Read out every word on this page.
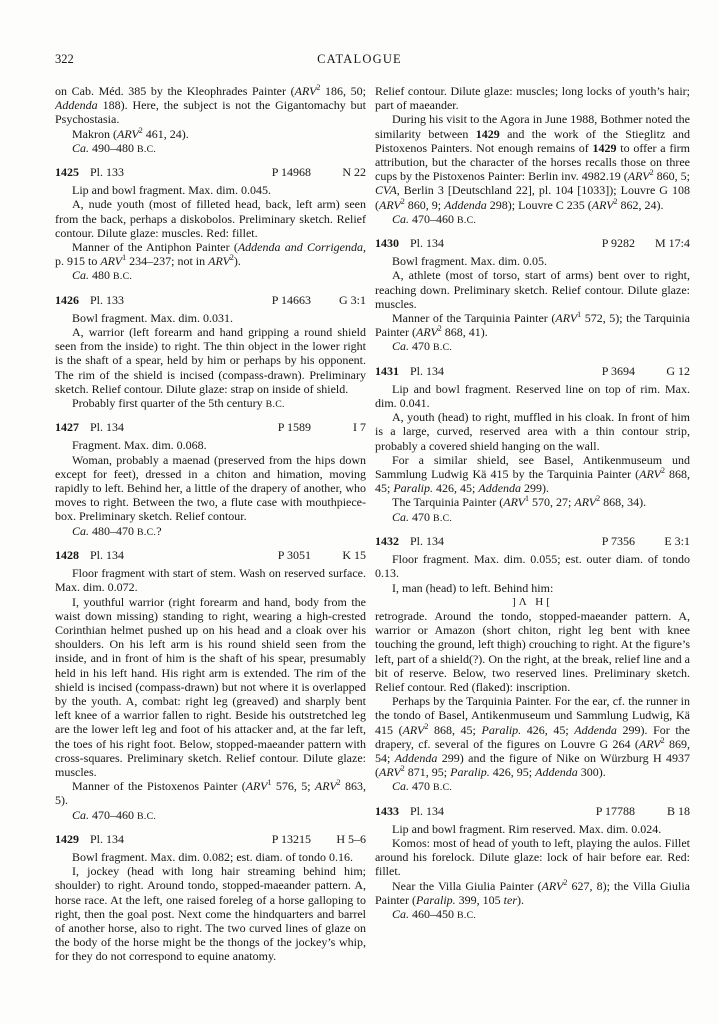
322	CATALOGUE

on Cab. Méd. 385 by the Kleophrades Painter (ARV$^2$ 186, 50; Addenda 188). Here, the subject is not the Gigantomachy but Psychostasia.

Makron (ARV$^2$ 461, 24).

Ca. 490–480 B.C.

1425 Pl. 133	P 14968	N 22

Lip and bowl fragment. Max. dim. 0.045.

A, nude youth (most of filleted head, back, left arm) seen from the back, perhaps a diskobolos. Preliminary sketch. Relief contour. Dilute glaze: muscles. Red: fillet.

Manner of the Antiphon Painter (Addenda and Corrigenda, p. 915 to ARV$^1$ 234–237; not in ARV$^2$).

Ca. 480 B.C.

1426 Pl. 133	P 14663	G 3:1

Bowl fragment. Max. dim. 0.031.

A, warrior (left forearm and hand gripping a round shield seen from the inside) to right. The thin object in the lower right is the shaft of a spear, held by him or perhaps by his opponent. The rim of the shield is incised (compass-drawn). Preliminary sketch. Relief contour. Dilute glaze: strap on inside of shield.

Probably first quarter of the 5th century B.C.

1427 Pl. 134	P 1589	I 7

Fragment. Max. dim. 0.068.

Woman, probably a maenad (preserved from the hips down except for feet), dressed in a chiton and himation, moving rapidly to left. Behind her, a little of the drapery of another, who moves to right. Between the two, a flute case with mouthpiece-box. Preliminary sketch. Relief contour.

Ca. 480–470 B.C.?

1428 Pl. 134	P 3051	K 15

Floor fragment with start of stem. Wash on reserved surface. Max. dim. 0.072.

I, youthful warrior (right forearm and hand, body from the waist down missing) standing to right, wearing a high-crested Corinthian helmet pushed up on his head and a cloak over his shoulders. On his left arm is his round shield seen from the inside, and in front of him is the shaft of his spear, presumably held in his left hand. His right arm is extended. The rim of the shield is incised (compass-drawn) but not where it is overlapped by the youth. A, combat: right leg (greaved) and sharply bent left knee of a warrior fallen to right. Beside his outstretched leg are the lower left leg and foot of his attacker and, at the far left, the toes of his right foot. Below, stopped-maeander pattern with cross-squares. Preliminary sketch. Relief contour. Dilute glaze: muscles.

Manner of the Pistoxenos Painter (ARV$^1$ 576, 5; ARV$^2$ 863, 5).

Ca. 470–460 B.C.

1429 Pl. 134	P 13215	H 5–6

Bowl fragment. Max. dim. 0.082; est. diam. of tondo 0.16.

I, jockey (head with long hair streaming behind him; shoulder) to right. Around tondo, stopped-maeander pattern. A, horse race. At the left, one raised foreleg of a horse galloping to right, then the goal post. Next come the hindquarters and barrel of another horse, also to right. The two curved lines of glaze on the body of the horse might be the thongs of the jockey’s whip, for they do not correspond to equine anatomy.

Relief contour. Dilute glaze: muscles; long locks of youth’s hair; part of maeander.

During his visit to the Agora in June 1988, Bothmer noted the similarity between 1429 and the work of the Stieglitz and Pistoxenos Painters. Not enough remains of 1429 to offer a firm attribution, but the character of the horses recalls those on three cups by the Pistoxenos Painter: Berlin inv. 4982.19 (ARV$^2$ 860, 5; CVA, Berlin 3 [Deutschland 22], pl. 104 [1033]); Louvre G 108 (ARV$^2$ 860, 9; Addenda 298); Louvre C 235 (ARV$^2$ 862, 24).

Ca. 470–460 B.C.

1430 Pl. 134	P 9282	M 17:4

Bowl fragment. Max. dim. 0.05.

A, athlete (most of torso, start of arms) bent over to right, reaching down. Preliminary sketch. Relief contour. Dilute glaze: muscles.

Manner of the Tarquinia Painter (ARV$^1$ 572, 5); the Tarquinia Painter (ARV$^2$ 868, 41).

Ca. 470 B.C.

1431 Pl. 134	P 3694	G 12

Lip and bowl fragment. Reserved line on top of rim. Max. dim. 0.041.

A, youth (head) to right, muffled in his cloak. In front of him is a large, curved, reserved area with a thin contour strip, probably a covered shield hanging on the wall.

For a similar shield, see Basel, Antikenmuseum und Sammlung Ludwig Kä 415 by the Tarquinia Painter (ARV$^2$ 868, 45; Paralip. 426, 45; Addenda 299).

The Tarquinia Painter (ARV$^1$ 570, 27; ARV$^2$ 868, 34).

Ca. 470 B.C.

1432 Pl. 134	P 7356	E 3:1

Floor fragment. Max. dim. 0.055; est. outer diam. of tondo 0.13.

I, man (head) to left. Behind him:

]Λ Η[

retrograde. Around the tondo, stopped-maeander pattern. A, warrior or Amazon (short chiton, right leg bent with knee touching the ground, left thigh) crouching to right. At the figure’s left, part of a shield(?). On the right, at the break, relief line and a bit of reserve. Below, two reserved lines. Preliminary sketch. Relief contour. Red (flaked): inscription.

Perhaps by the Tarquinia Painter. For the ear, cf. the runner in the tondo of Basel, Antikenmuseum und Sammlung Ludwig, Kä 415 (ARV$^2$ 868, 45; Paralip. 426, 45; Addenda 299). For the drapery, cf. several of the figures on Louvre G 264 (ARV$^2$ 869, 54; Addenda 299) and the figure of Nike on Würzburg H 4937 (ARV$^2$ 871, 95; Paralip. 426, 95; Addenda 300).

Ca. 470 B.C.

1433 Pl. 134	P 17788	B 18

Lip and bowl fragment. Rim reserved. Max. dim. 0.024.

Komos: most of head of youth to left, playing the aulos. Fillet around his forelock. Dilute glaze: lock of hair before ear. Red: fillet.

Near the Villa Giulia Painter (ARV$^2$ 627, 8); the Villa Giulia Painter (Paralip. 399, 105 ter).

Ca. 460–450 B.C.
